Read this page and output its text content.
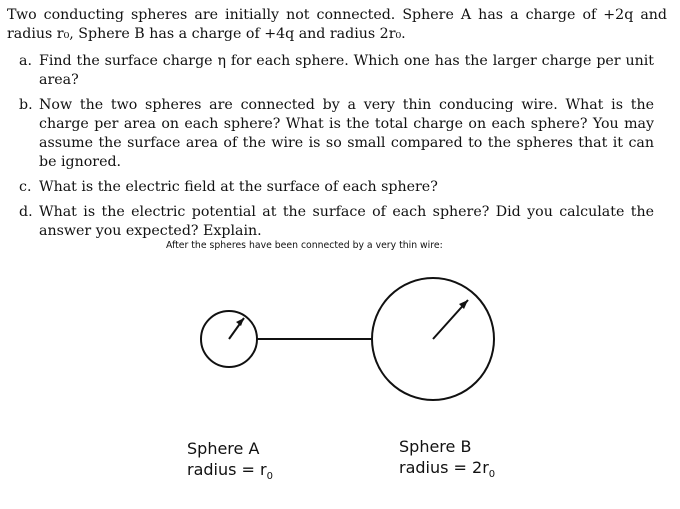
Two conducting spheres are initially not connected. Sphere A has a charge of +2q and radius r₀, Sphere B has a charge of +4q and radius 2r₀.

a. Find the surface charge η for each sphere. Which one has the larger charge per unit area?
b. Now the two spheres are connected by a very thin conducing wire. What is the charge per area on each sphere? What is the total charge on each sphere? You may assume the surface area of the wire is so small compared to the spheres that it can be ignored.
c. What is the electric field at the surface of each sphere?
d. What is the electric potential at the surface of each sphere? Did you calculate the answer you expected? Explain.
After the spheres have been connected by a very thin wire:
Sphere A
radius = $r_0$
Sphere B
radius = $2r_0$
